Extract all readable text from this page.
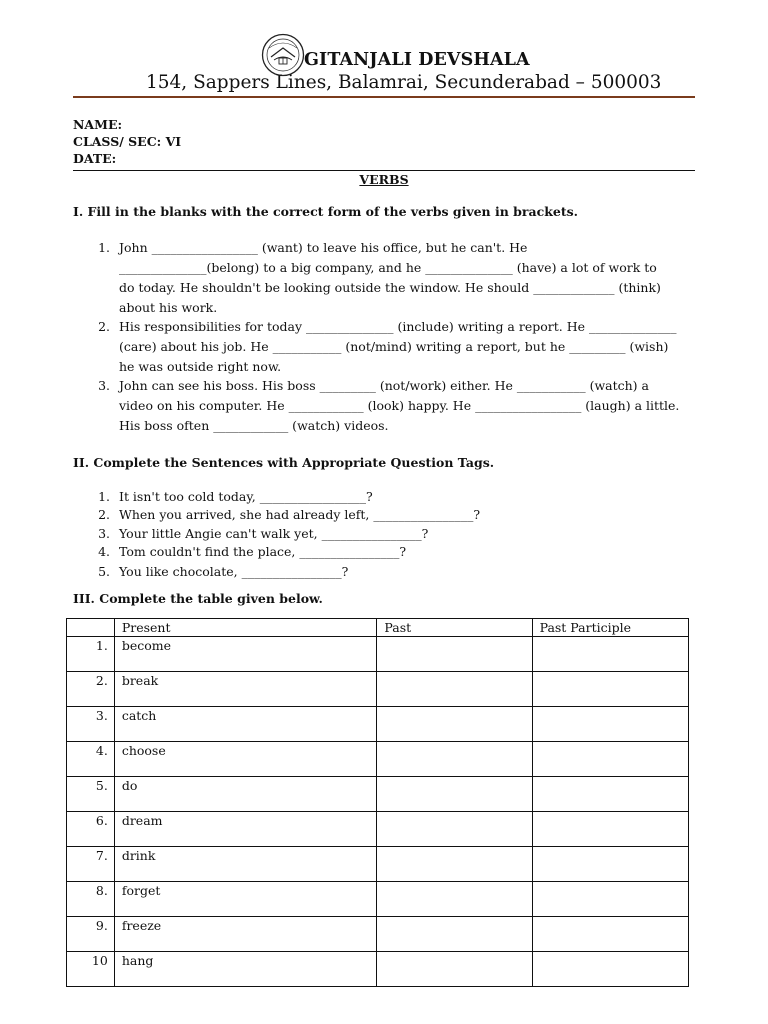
GITANJALI DEVSHALA
154, Sappers Lines, Balamrai, Secunderabad – 500003
NAME:
CLASS/ SEC: VI
DATE:
VERBS
I. Fill in the blanks with the correct form of the verbs given in brackets.
1. John _________________ (want) to leave his office, but he can't. He
______________(belong) to a big company, and he ______________ (have) a lot of work to
do today. He shouldn't be looking outside the window. He should _____________ (think)
about his work.
2. His responsibilities for today ______________ (include) writing a report. He ______________
(care) about his job. He ___________ (not/mind) writing a report, but he _________ (wish)
he was outside right now.
3. John can see his boss. His boss _________ (not/work) either. He ___________ (watch) a
video on his computer. He ____________ (look) happy. He _________________ (laugh) a little.
His boss often ____________ (watch) videos.
II. Complete the Sentences with Appropriate Question Tags.
1. It isn't too cold today, _________________?
2. When you arrived, she had already left, ________________?
3. Your little Angie can't walk yet, ________________?
4. Tom couldn't find the place, ________________?
5. You like chocolate, ________________?
III. Complete the table given below.

	Present	Past	Past Participle

1.	become		

2.	break		

3.	catch		

4.	choose		

5.	do		

6.	dream		

7.	drink		

8.	forget		

9.	freeze		

10	hang		
